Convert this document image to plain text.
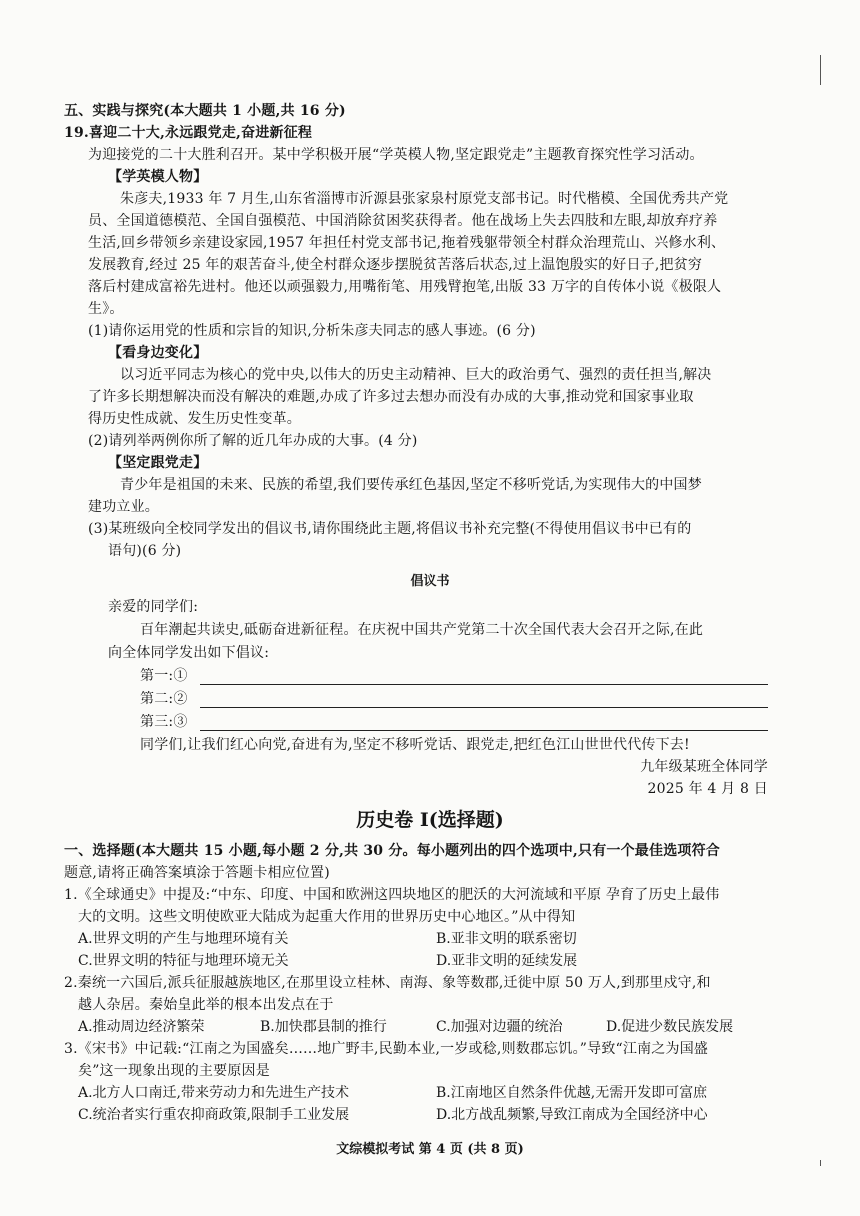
五、实践与探究(本大题共 1 小题,共 16 分)
19.喜迎二十大,永远跟党走,奋进新征程
为迎接党的二十大胜利召开。某中学积极开展“学英模人物,坚定跟党走”主题教育探究性学习活动。
【学英模人物】
朱彦夫,1933 年 7 月生,山东省淄博市沂源县张家泉村原党支部书记。时代楷模、全国优秀共产党
员、全国道德模范、全国自强模范、中国消除贫困奖获得者。他在战场上失去四肢和左眼,却放弃疗养
生活,回乡带领乡亲建设家园,1957 年担任村党支部书记,拖着残躯带领全村群众治理荒山、兴修水利、
发展教育,经过 25 年的艰苦奋斗,使全村群众逐步摆脱贫苦落后状态,过上温饱殷实的好日子,把贫穷
落后村建成富裕先进村。他还以顽强毅力,用嘴衔笔、用残臂抱笔,出版 33 万字的自传体小说《极限人
生》。
(1)请你运用党的性质和宗旨的知识,分析朱彦夫同志的感人事迹。(6 分)
【看身边变化】
以习近平同志为核心的党中央,以伟大的历史主动精神、巨大的政治勇气、强烈的责任担当,解决
了许多长期想解决而没有解决的难题,办成了许多过去想办而没有办成的大事,推动党和国家事业取
得历史性成就、发生历史性变革。
(2)请列举两例你所了解的近几年办成的大事。(4 分)
【坚定跟党走】
青少年是祖国的未来、民族的希望,我们要传承红色基因,坚定不移听党话,为实现伟大的中国梦
建功立业。
(3)某班级向全校同学发出的倡议书,请你围绕此主题,将倡议书补充完整(不得使用倡议书中已有的
语句)(6 分)
倡议书
亲爱的同学们:
百年潮起共读史,砥砺奋进新征程。在庆祝中国共产党第二十次全国代表大会召开之际,在此
向全体同学发出如下倡议:
第一:①
第二:②
第三:③
同学们,让我们红心向党,奋进有为,坚定不移听党话、跟党走,把红色江山世世代代传下去!
九年级某班全体同学
2025 年 4 月 8 日
历史卷 I(选择题)
一、选择题(本大题共 15 小题,每小题 2 分,共 30 分。每小题列出的四个选项中,只有一个最佳选项符合
题意,请将正确答案填涂于答题卡相应位置)
1.《全球通史》中提及:“中东、印度、中国和欧洲这四块地区的肥沃的大河流域和平原 孕育了历史上最伟
大的文明。这些文明使欧亚大陆成为起重大作用的世界历史中心地区。”从中得知
A.世界文明的产生与地理环境有关	B.亚非文明的联系密切
C.世界文明的特征与地理环境无关	D.亚非文明的延续发展
2.秦统一六国后,派兵征服越族地区,在那里设立桂林、南海、象等数郡,迁徙中原 50 万人,到那里戍守,和
越人杂居。秦始皇此举的根本出发点在于
A.推动周边经济繁荣	B.加快郡县制的推行	C.加强对边疆的统治	D.促进少数民族发展
3.《宋书》中记载:“江南之为国盛矣……地广野丰,民勤本业,一岁或稔,则数郡忘饥。”导致“江南之为国盛
矣”这一现象出现的主要原因是
A.北方人口南迁,带来劳动力和先进生产技术	B.江南地区自然条件优越,无需开发即可富庶
C.统治者实行重农抑商政策,限制手工业发展	D.北方战乱频繁,导致江南成为全国经济中心
文综模拟考试 第 4 页 (共 8 页)
